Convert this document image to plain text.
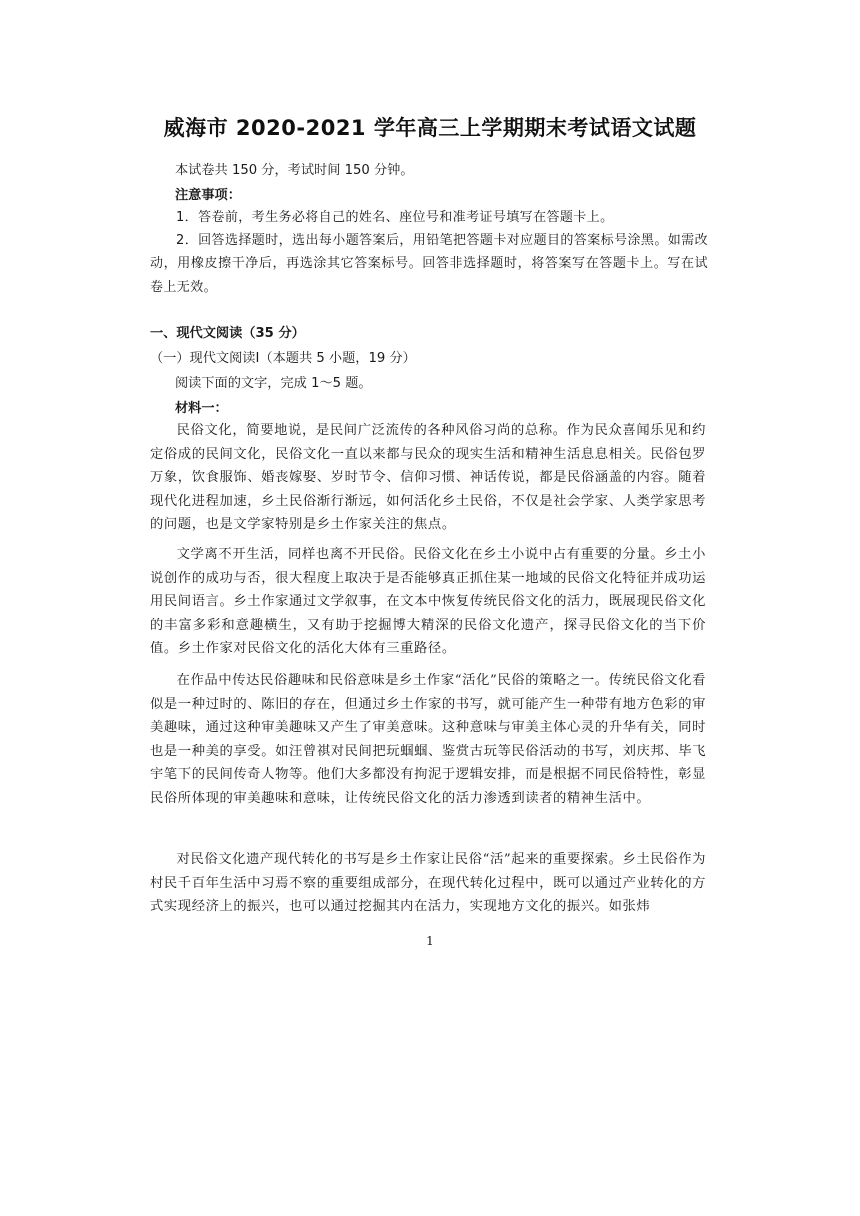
威海市 2020-2021 学年高三上学期期末考试语文试题
本试卷共 150 分，考试时间 150 分钟。
注意事项：
1．答卷前，考生务必将自己的姓名、座位号和准考证号填写在答题卡上。
2．回答选择题时，选出每小题答案后，用铅笔把答题卡对应题目的答案标号涂黑。如需改动，用橡皮擦干净后，再选涂其它答案标号。回答非选择题时，将答案写在答题卡上。写在试卷上无效。
一、现代文阅读（35 分）
（一）现代文阅读Ⅰ（本题共 5 小题，19 分）
阅读下面的文字，完成 1～5 题。
材料一：
民俗文化，简要地说，是民间广泛流传的各种风俗习尚的总称。作为民众喜闻乐见和约定俗成的民间文化，民俗文化一直以来都与民众的现实生活和精神生活息息相关。民俗包罗万象，饮食服饰、婚丧嫁娶、岁时节令、信仰习惯、神话传说，都是民俗涵盖的内容。随着现代化进程加速，乡土民俗渐行渐远，如何活化乡土民俗，不仅是社会学家、人类学家思考的问题，也是文学家特别是乡土作家关注的焦点。
文学离不开生活，同样也离不开民俗。民俗文化在乡土小说中占有重要的分量。乡土小说创作的成功与否，很大程度上取决于是否能够真正抓住某一地域的民俗文化特征并成功运用民间语言。乡土作家通过文学叙事，在文本中恢复传统民俗文化的活力，既展现民俗文化的丰富多彩和意趣横生，又有助于挖掘博大精深的民俗文化遗产，探寻民俗文化的当下价值。乡土作家对民俗文化的活化大体有三重路径。
在作品中传达民俗趣味和民俗意味是乡土作家“活化”民俗的策略之一。传统民俗文化看似是一种过时的、陈旧的存在，但通过乡土作家的书写，就可能产生一种带有地方色彩的审美趣味，通过这种审美趣味又产生了审美意味。这种意味与审美主体心灵的升华有关，同时也是一种美的享受。如汪曾祺对民间把玩蝈蝈、鉴赏古玩等民俗活动的书写，刘庆邦、毕飞宇笔下的民间传奇人物等。他们大多都没有拘泥于逻辑安排，而是根据不同民俗特性，彰显民俗所体现的审美趣味和意味，让传统民俗文化的活力渗透到读者的精神生活中。
对民俗文化遗产现代转化的书写是乡土作家让民俗“活”起来的重要探索。乡土民俗作为村民千百年生活中习焉不察的重要组成部分，在现代转化过程中，既可以通过产业转化的方式实现经济上的振兴，也可以通过挖掘其内在活力，实现地方文化的振兴。如张炜
1
